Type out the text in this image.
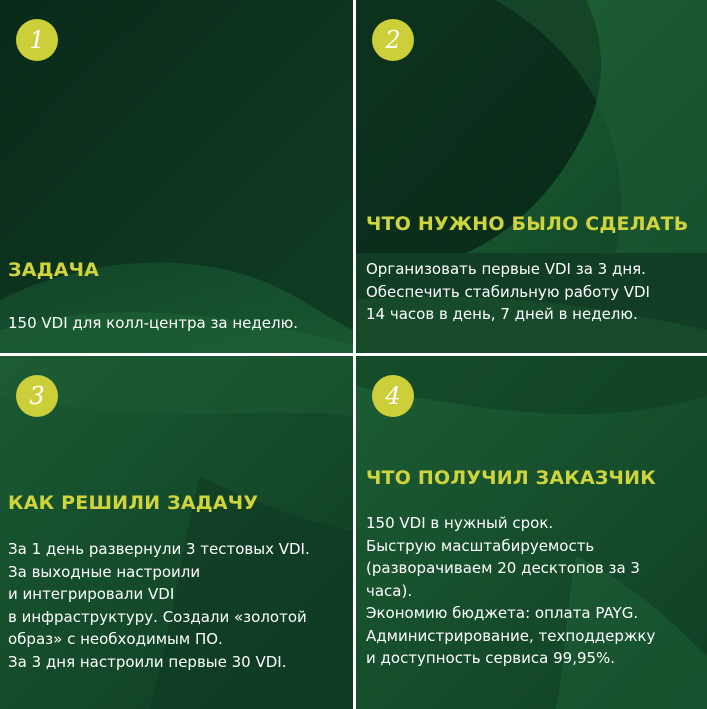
1
ЗАДАЧА
150 VDI для колл-центра за неделю.
2
ЧТО НУЖНО БЫЛО СДЕЛАТЬ
Организовать первые VDI за 3 дня.
Обеспечить стабильную работу VDI
14 часов в день, 7 дней в неделю.
3
КАК РЕШИЛИ ЗАДАЧУ
За 1 день развернули 3 тестовых VDI.
За выходные настроили
и интегрировали VDI
в инфраструктуру. Создали «золотой
образ» с необходимым ПО.
За 3 дня настроили первые 30 VDI.
4
ЧТО ПОЛУЧИЛ ЗАКАЗЧИК
150 VDI в нужный срок.
Быструю масштабируемость
(разворачиваем 20 десктопов за 3
часа).
Экономию бюджета: оплата PAYG.
Администрирование, техподдержку
и доступность сервиса 99,95%.
